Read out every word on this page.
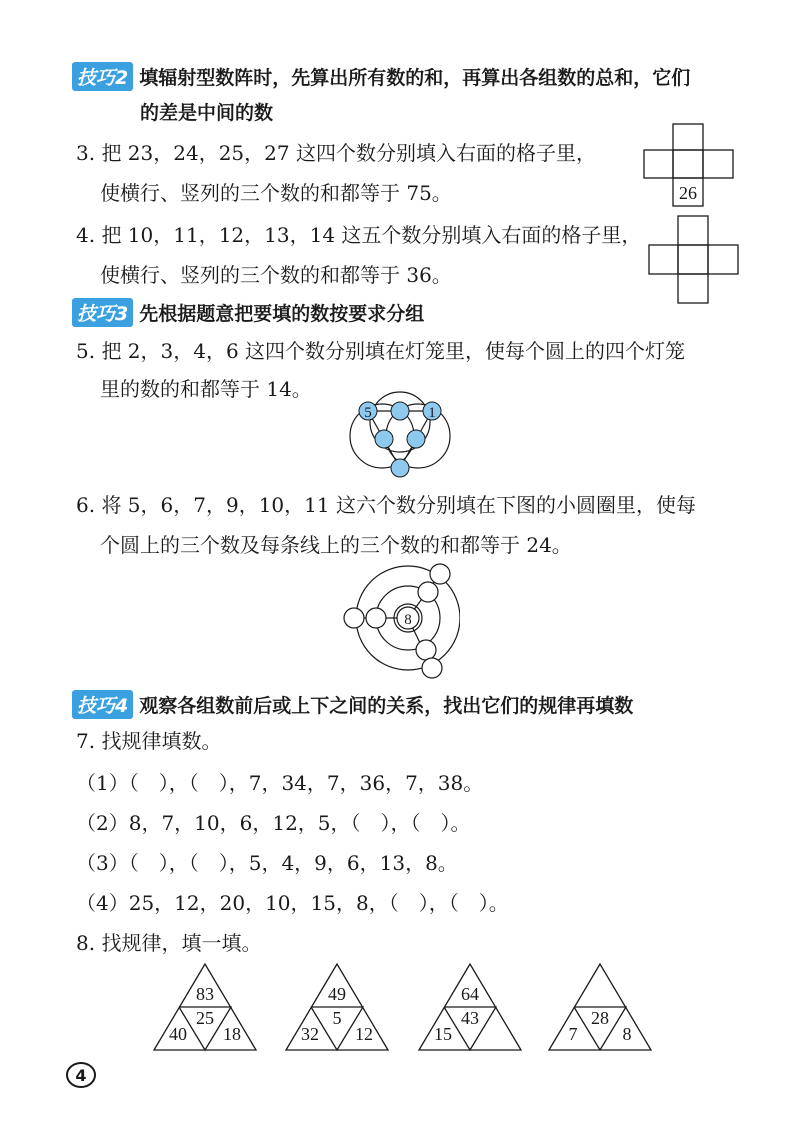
技巧2 填辐射型数阵时，先算出所有数的和，再算出各组数的总和，它们
的差是中间的数
3. 把 23，24，25，27 这四个数分别填入右面的格子里，
使横行、竖列的三个数的和都等于 75。	26
4. 把 10，11，12，13，14 这五个数分别填入右面的格子里，
使横行、竖列的三个数的和都等于 36。
技巧3 先根据题意把要填的数按要求分组
5. 把 2，3，4，6 这四个数分别填在灯笼里，使每个圆上的四个灯笼
里的数的和都等于 14。
5	1
6. 将 5，6，7，9，10，11 这六个数分别填在下图的小圆圈里，使每
个圆上的三个数及每条线上的三个数的和都等于 24。
8
技巧4 观察各组数前后或上下之间的关系，找出它们的规律再填数
7. 找规律填数。
（1）（　），（　），7，34，7，36，7，38。
（2）8，7，10，6，12，5，（　），（　）。
（3）（　），（　），5，4，9，6，13，8。
（4）25，12，20，10，15，8，（　），（　）。
8. 找规律，填一填。
83
25
40 18
49
5
32 12
64
43
15
28
7	8
4
